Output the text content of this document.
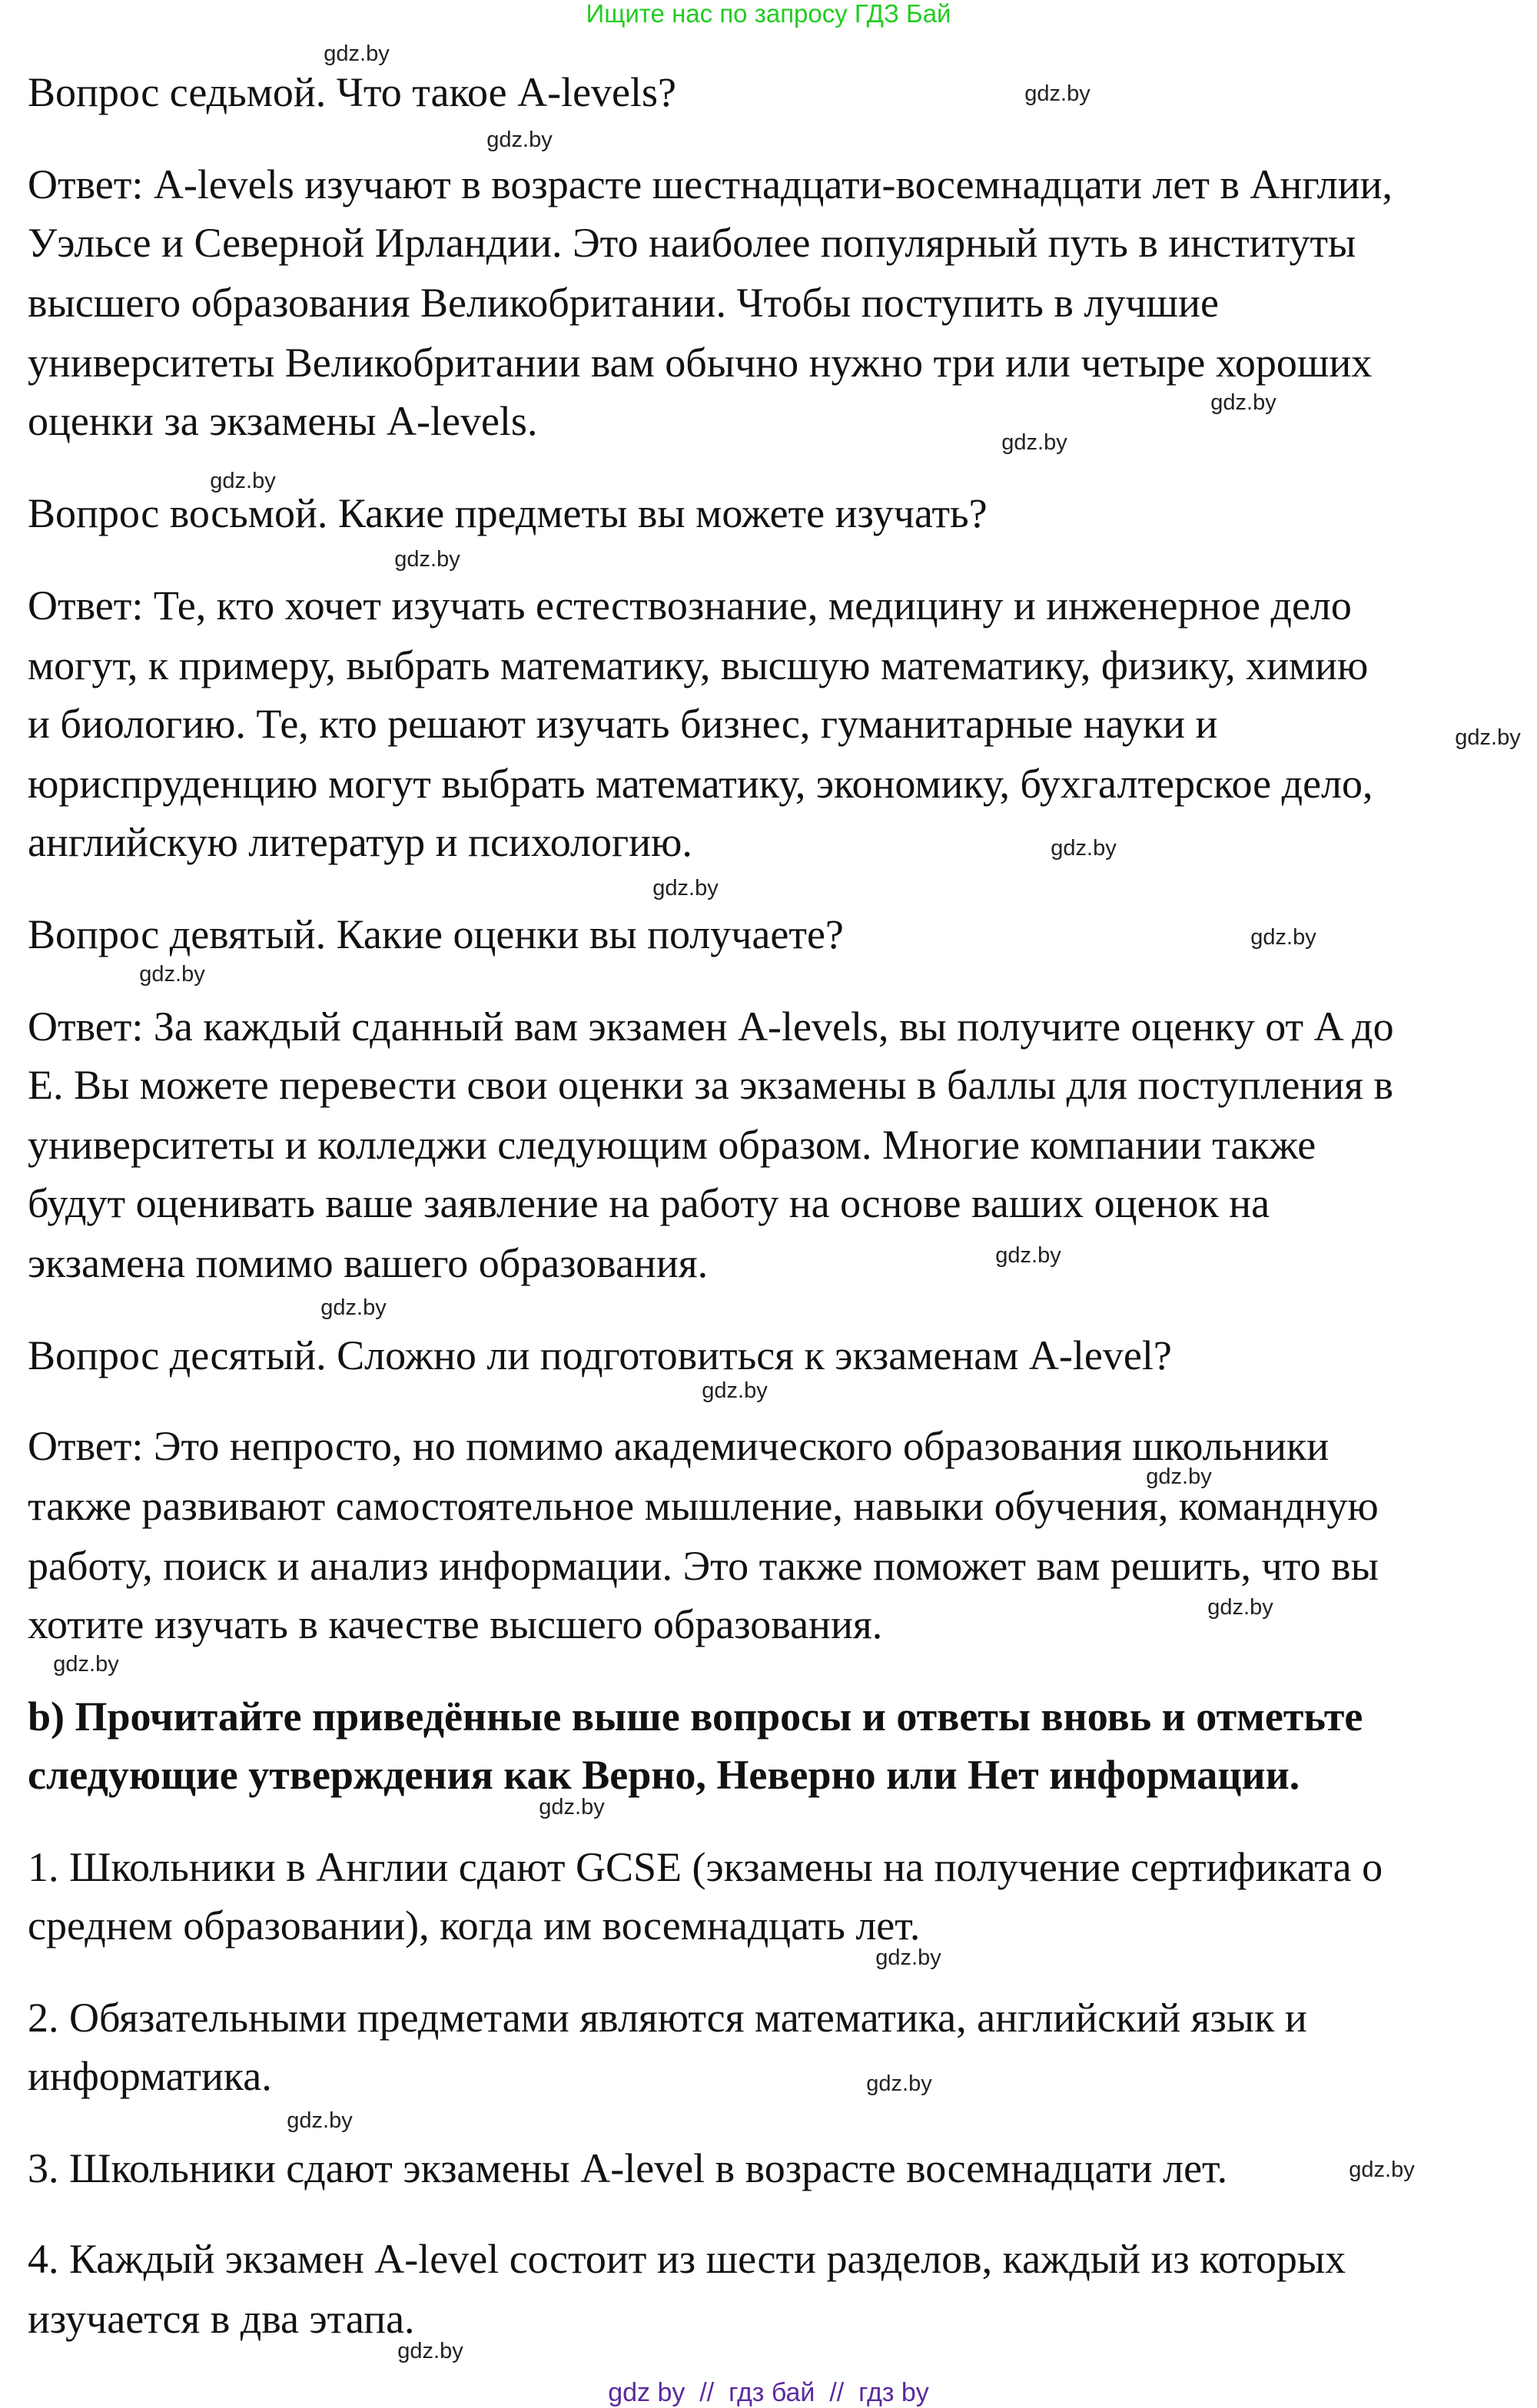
Ищите нас по запросу ГДЗ Бай
Вопрос седьмой. Что такое A-levels?
Ответ: A-levels изучают в возрасте шестнадцати-восемнадцати лет в Англии,
Уэльсе и Северной Ирландии. Это наиболее популярный путь в институты
высшего образования Великобритании. Чтобы поступить в лучшие
университеты Великобритании вам обычно нужно три или четыре хороших
оценки за экзамены A-levels.
Вопрос восьмой. Какие предметы вы можете изучать?
Ответ: Те, кто хочет изучать естествознание, медицину и инженерное дело
могут, к примеру, выбрать математику, высшую математику, физику, химию
и биологию. Те, кто решают изучать бизнес, гуманитарные науки и
юриспруденцию могут выбрать математику, экономику, бухгалтерское дело,
английскую литератур и психологию.
Вопрос девятый. Какие оценки вы получаете?
Ответ: За каждый сданный вам экзамен A-levels, вы получите оценку от A до
E. Вы можете перевести свои оценки за экзамены в баллы для поступления в
университеты и колледжи следующим образом. Многие компании также
будут оценивать ваше заявление на работу на основе ваших оценок на
экзамена помимо вашего образования.
Вопрос десятый. Сложно ли подготовиться к экзаменам A-level?
Ответ: Это непросто, но помимо академического образования школьники
также развивают самостоятельное мышление, навыки обучения, командную
работу, поиск и анализ информации. Это также поможет вам решить, что вы
хотите изучать в качестве высшего образования.
b) Прочитайте приведённые выше вопросы и ответы вновь и отметьте
следующие утверждения как Верно, Неверно или Нет информации.
1. Школьники в Англии сдают GCSE (экзамены на получение сертификата о
среднем образовании), когда им восемнадцать лет.
2. Обязательными предметами являются математика, английский язык и
информатика.
3. Школьники сдают экзамены A-level в возрасте восемнадцати лет.
4. Каждый экзамен A-level состоит из шести разделов, каждый из которых
изучается в два этапа.
gdz.by
gdz.by
gdz.by
gdz.by
gdz.by
gdz.by
gdz.by
gdz.by
gdz.by
gdz.by
gdz.by
gdz.by
gdz.by
gdz.by
gdz.by
gdz.by
gdz.by
gdz.by
gdz.by
gdz.by
gdz.by
gdz.by
gdz.by
gdz.by
gdz by  //  гдз бай  //  гдз by
